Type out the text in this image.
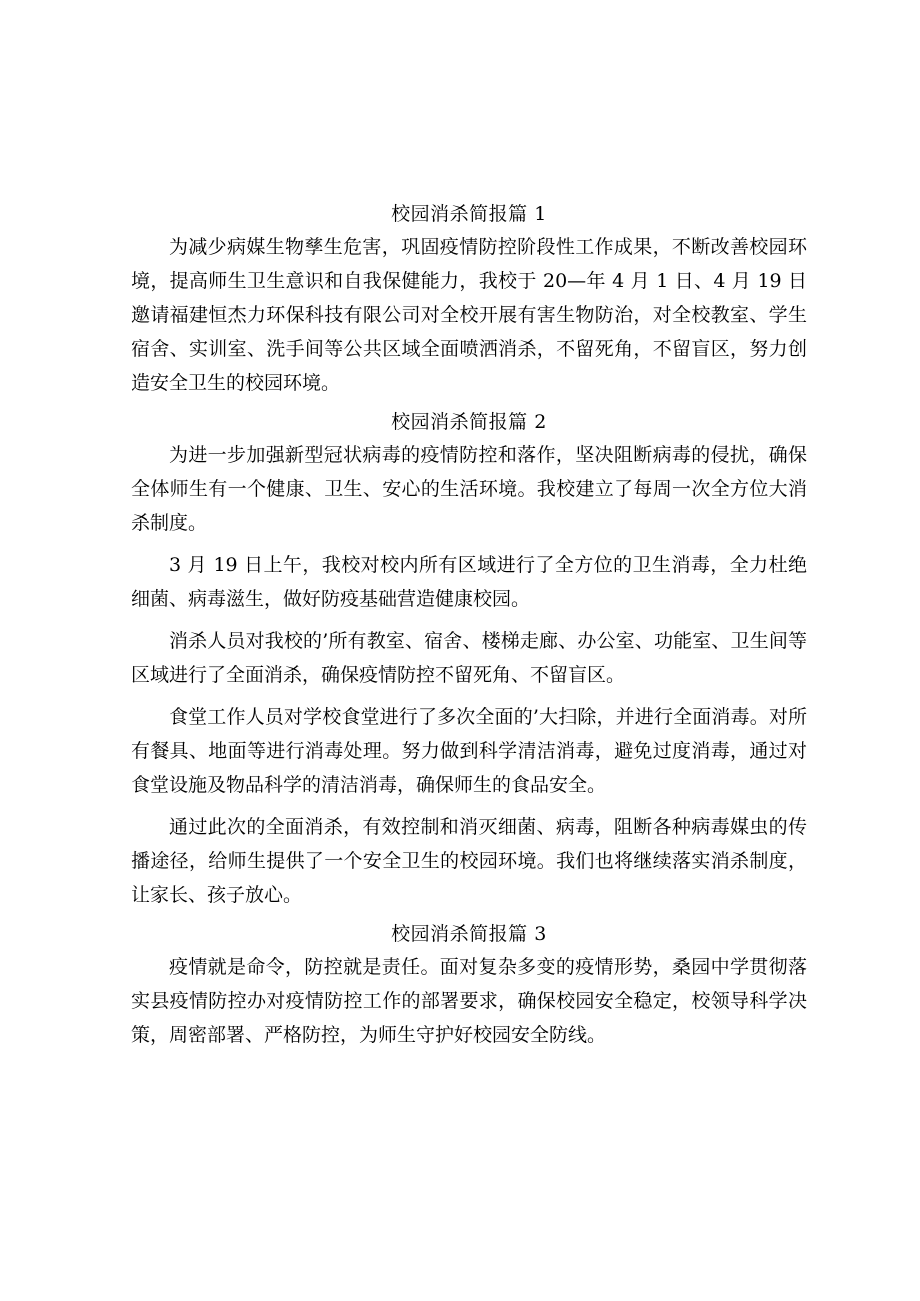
校园消杀简报篇 1

为减少病媒生物孳生危害，巩固疫情防控阶段性工作成果，不断改善校园环境，提高师生卫生意识和自我保健能力，我校于 20—年 4 月 1 日、4 月 19 日邀请福建恒杰力环保科技有限公司对全校开展有害生物防治，对全校教室、学生宿舍、实训室、洗手间等公共区域全面喷洒消杀，不留死角，不留盲区，努力创造安全卫生的校园环境。

校园消杀简报篇 2

为进一步加强新型冠状病毒的疫情防控和落作，坚决阻断病毒的侵扰，确保全体师生有一个健康、卫生、安心的生活环境。我校建立了每周一次全方位大消杀制度。

3 月 19 日上午，我校对校内所有区域进行了全方位的卫生消毒，全力杜绝细菌、病毒滋生，做好防疫基础营造健康校园。

消杀人员对我校的’所有教室、宿舍、楼梯走廊、办公室、功能室、卫生间等区域进行了全面消杀，确保疫情防控不留死角、不留盲区。

食堂工作人员对学校食堂进行了多次全面的’大扫除，并进行全面消毒。对所有餐具、地面等进行消毒处理。努力做到科学清洁消毒，避免过度消毒，通过对食堂设施及物品科学的清洁消毒，确保师生的食品安全。

通过此次的全面消杀，有效控制和消灭细菌、病毒，阻断各种病毒媒虫的传播途径，给师生提供了一个安全卫生的校园环境。我们也将继续落实消杀制度，让家长、孩子放心。

校园消杀简报篇 3

疫情就是命令，防控就是责任。面对复杂多变的疫情形势，桑园中学贯彻落实县疫情防控办对疫情防控工作的部署要求，确保校园安全稳定，校领导科学决策，周密部署、严格防控，为师生守护好校园安全防线。
